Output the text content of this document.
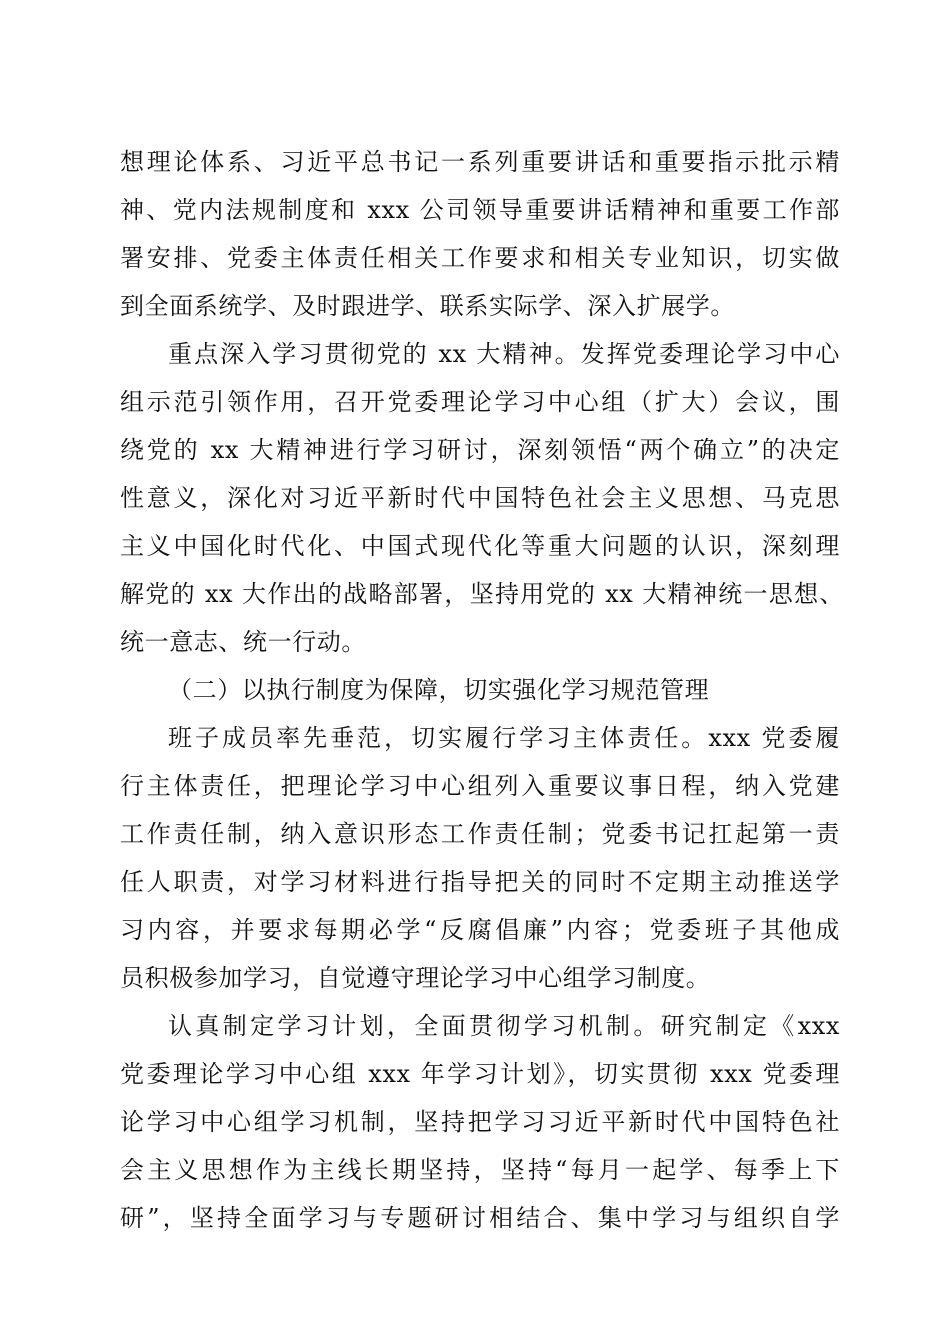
想理论体系、习近平总书记一系列重要讲话和重要指示批示精
神、党内法规制度和 xxx 公司领导重要讲话精神和重要工作部
署安排、党委主体责任相关工作要求和相关专业知识，切实做
到全面系统学、及时跟进学、联系实际学、深入扩展学。
重点深入学习贯彻党的 xx 大精神。发挥党委理论学习中心
组示范引领作用，召开党委理论学习中心组（扩大）会议，围
绕党的 xx 大精神进行学习研讨，深刻领悟“两个确立”的决定
性意义，深化对习近平新时代中国特色社会主义思想、马克思
主义中国化时代化、中国式现代化等重大问题的认识，深刻理
解党的 xx 大作出的战略部署，坚持用党的 xx 大精神统一思想、
统一意志、统一行动。
（二）以执行制度为保障，切实强化学习规范管理
班子成员率先垂范，切实履行学习主体责任。xxx 党委履
行主体责任，把理论学习中心组列入重要议事日程，纳入党建
工作责任制，纳入意识形态工作责任制；党委书记扛起第一责
任人职责，对学习材料进行指导把关的同时不定期主动推送学
习内容，并要求每期必学“反腐倡廉”内容；党委班子其他成
员积极参加学习，自觉遵守理论学习中心组学习制度。
认真制定学习计划，全面贯彻学习机制。研究制定《xxx
党委理论学习中心组 xxx 年学习计划》，切实贯彻 xxx 党委理
论学习中心组学习机制，坚持把学习习近平新时代中国特色社
会主义思想作为主线长期坚持，坚持“每月一起学、每季上下
研”，坚持全面学习与专题研讨相结合、集中学习与组织自学
